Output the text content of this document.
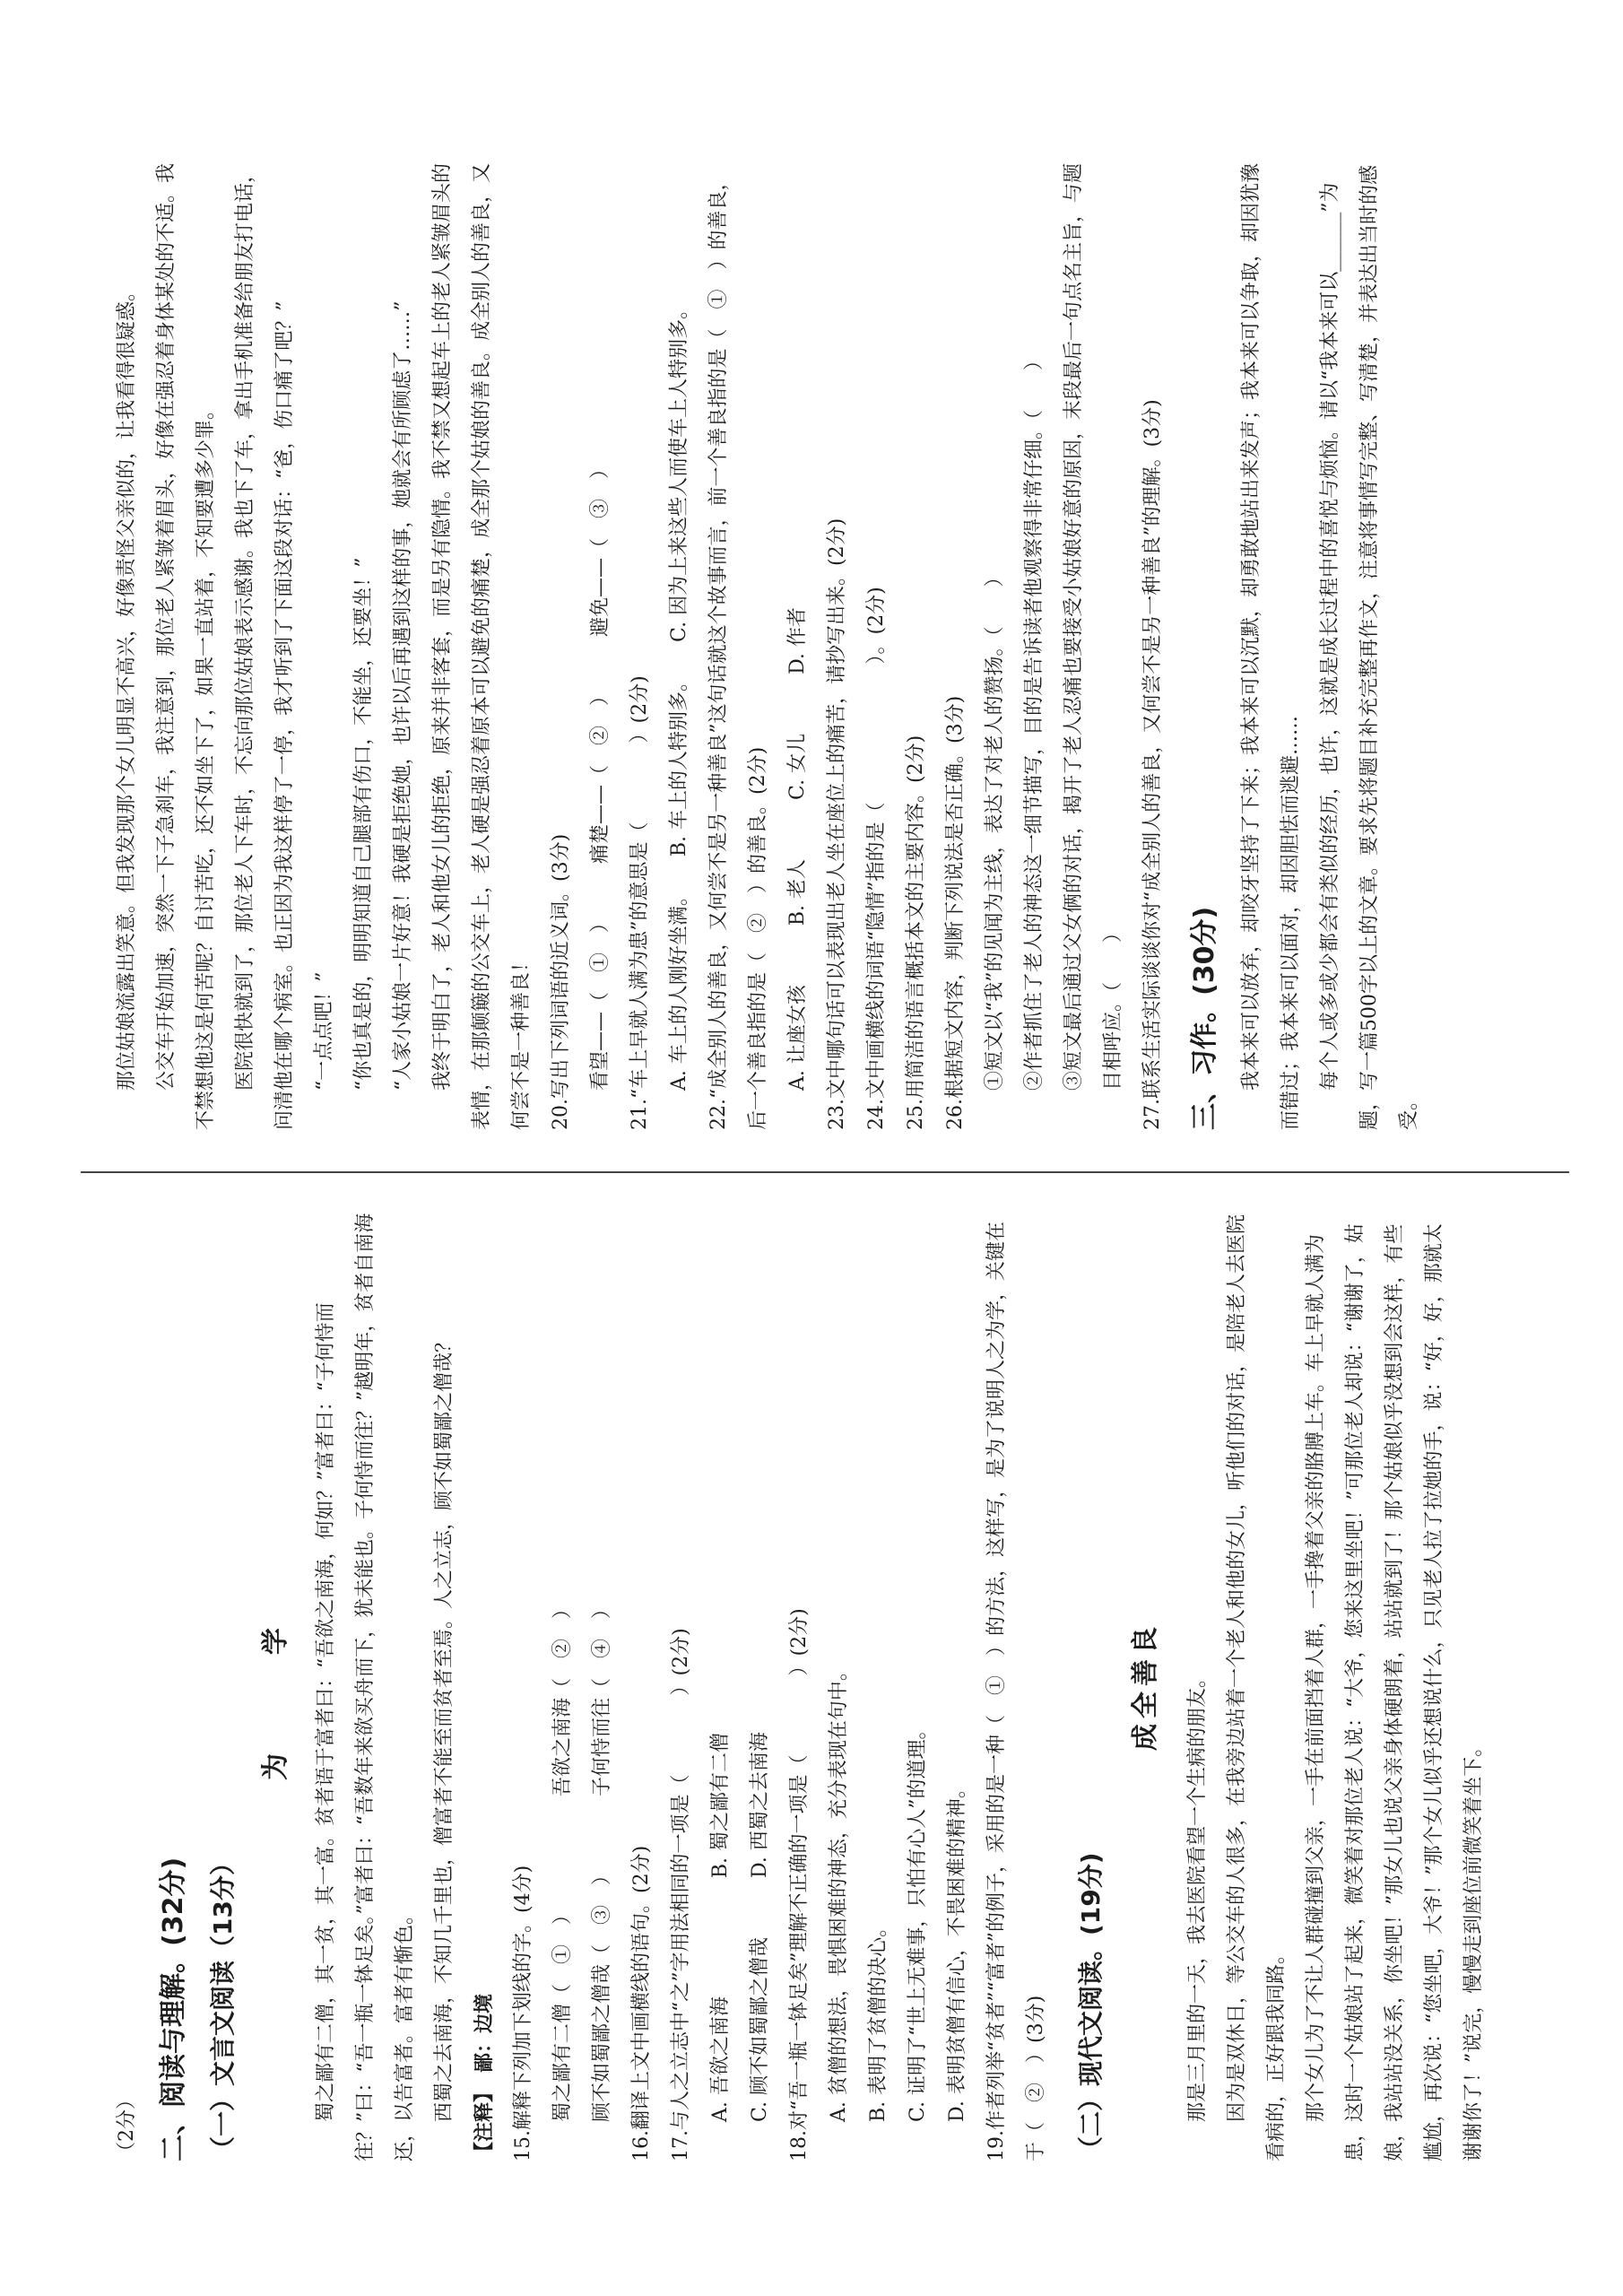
（2分） 二、阅读与理解。(32分) （一）文言文阅读（13分）
为　学	蜀之鄙有二僧，其一贫，其一富。贫者语于富者曰：“吾欲之南海，何如？”富者曰：“子何恃而往？”曰：“吾一瓶一钵足矣。”富者曰：“吾数年来欲买舟而下，犹未能也。子何恃而往？”越明年，贫者自南海还，以告富者。富者有惭色。 西蜀之去南海，不知几千里也，僧富者不能至而贫者至焉。人之立志，顾不如蜀鄙之僧哉？ 【注释】　鄙：边境 15.解释下列加下划线的字。(4分) 蜀之鄙有二僧（　①　）　　　　　　吾欲之南海（　②　） 顾不如蜀鄙之僧哉（　③　）　　　　子何恃而往（　④　） 16.翻译上文中画横线的语句。(2分) 17.与人之立志中“之”字用法相同的一项是（　　　　）(2分) A. 吾欲之南海　　　　　　B. 蜀之鄙有二僧 C. 顾不如蜀鄙之僧哉　　　D. 西蜀之去南海 18.对“吾一瓶一钵足矣”理解不正确的一项是（　　　　）(2分) A. 贫僧的想法，畏惧困难的神态，充分表现在句中。 B. 表明了贫僧的决心。 C. 证明了“世上无难事，只怕有心人”的道理。 D. 表明贫僧有信心，不畏困难的精神。 19.作者列举“贫者”“富者”的例子，采用的是一种（　①　）的方法，这样写，是为了说明人之为学，关键在于（　②　）(3分)	（二）现代文阅读。(19分)
成全善良	那是三月里的一天，我去医院看望一个生病的朋友。 因为是双休日，等公交车的人很多，在我旁边站着一个老人和他的女儿，听他们的对话，是陪老人去医院看病的，正好跟我同路。 那个女儿为了不让人群碰撞到父亲，一手在前面挡着人群，一手搀着父亲的胳膊上车。车上早就人满为患，这时一个姑娘站了起来，微笑着对那位老人说：“大爷，您来这里坐吧！”可那位老人却说：“谢谢了，姑娘，我站站没关系，你坐吧！”那女儿也说父亲身体硬朗着，站站就到了！那个姑娘似乎没想到会这样，有些尴尬，再次说：“您坐吧，大爷！”那个女儿似乎还想说什么，只见老人拉了拉她的手，说：“好，好，那就太谢谢你了！”说完，慢慢走到座位前微笑着坐下。

那位姑娘流露出笑意。但我发现那个女儿明显不高兴，好像责怪父亲似的，让我看得很疑惑。 公交车开始加速，突然一下子急刹车，我注意到，那位老人紧皱着眉头，好像在强忍着身体某处的不适。我不禁想他这是何苦呢？自讨苦吃，还不如坐下了，如果一直站着，不知要遭多少罪。 医院很快就到了，那位老人下车时，不忘向那位姑娘表示感谢。我也下了车，拿出手机准备给朋友打电话，问清他在哪个病室。也正因为我这样停了一停，我才听到了下面这段对话：“爸，伤口痛了吧？” “一点点吧！” “你也真是的，明明知道自己腿部有伤口，不能坐，还要坐！” “人家小姑娘一片好意！我硬是拒绝她，也许以后再遇到这样的事，她就会有所顾虑了……” 我终于明白了，老人和他女儿的拒绝，原来并非客套，而是另有隐情。我不禁又想起车上的老人紧皱眉头的表情，在那颠簸的公交车上，老人硬是强忍着原本可以避免的痛楚，成全那个姑娘的善良。成全别人的善良，又何尝不是一种善良！ 20.写出下列词语的近义词。(3分) 看望——（　①　）　　　痛楚——（　②　）　　　避免——（　③　） 21.“车上早就人满为患”的意思是（　　　　）(2分) A. 车上的人刚好坐满。　　B. 车上的人特别多。　　C. 因为上来这些人而使车上人特别多。 22.“成全别人的善良，又何尝不是另一种善良”这句话就这个故事而言，前一个善良指的是（　①　）的善良，后一个善良指的是（　②　）的善良。(2分) A. 让座女孩　　　B. 老人　　　C. 女儿　　　D. 作者 23.文中哪句话可以表现出老人坐在座位上的痛苦，请抄写出来。(2分) 24.文中画横线的词语“隐情”指的是（　　　　　　　）。(2分) 25.用简洁的语言概括本文的主要内容。(2分) 26.根据短文内容，判断下列说法是否正确。(3分) ①短文以“我”的见闻为主线，表达了对老人的赞扬。（　　） ②作者抓住了老人的神态这一细节描写，目的是告诉读者他观察得非常仔细。（　　） ③短文最后通过父女俩的对话，揭开了老人忍痛也要接受小姑娘好意的原因，末段最后一句点名主旨，与题目相呼应。（　　） 27.联系生活实际谈谈你对“成全别人的善良，又何尝不是另一种善良”的理解。(3分) 三、习作。(30分)	我本来可以放弃，却咬牙坚持了下来；我本来可以沉默，却勇敢地站出来发声；我本来可以争取，却因犹豫而错过；我本来可以面对，却因胆怯而逃避…… 每个人或多或少都会有类似的经历，也许，这就是成长过程中的喜悦与烦恼。请以“我本来可以______”为题，写一篇500字以上的文章。要求先将题目补充完整再作文，注意将事情写完整、写清楚，并表达出当时的感受。
